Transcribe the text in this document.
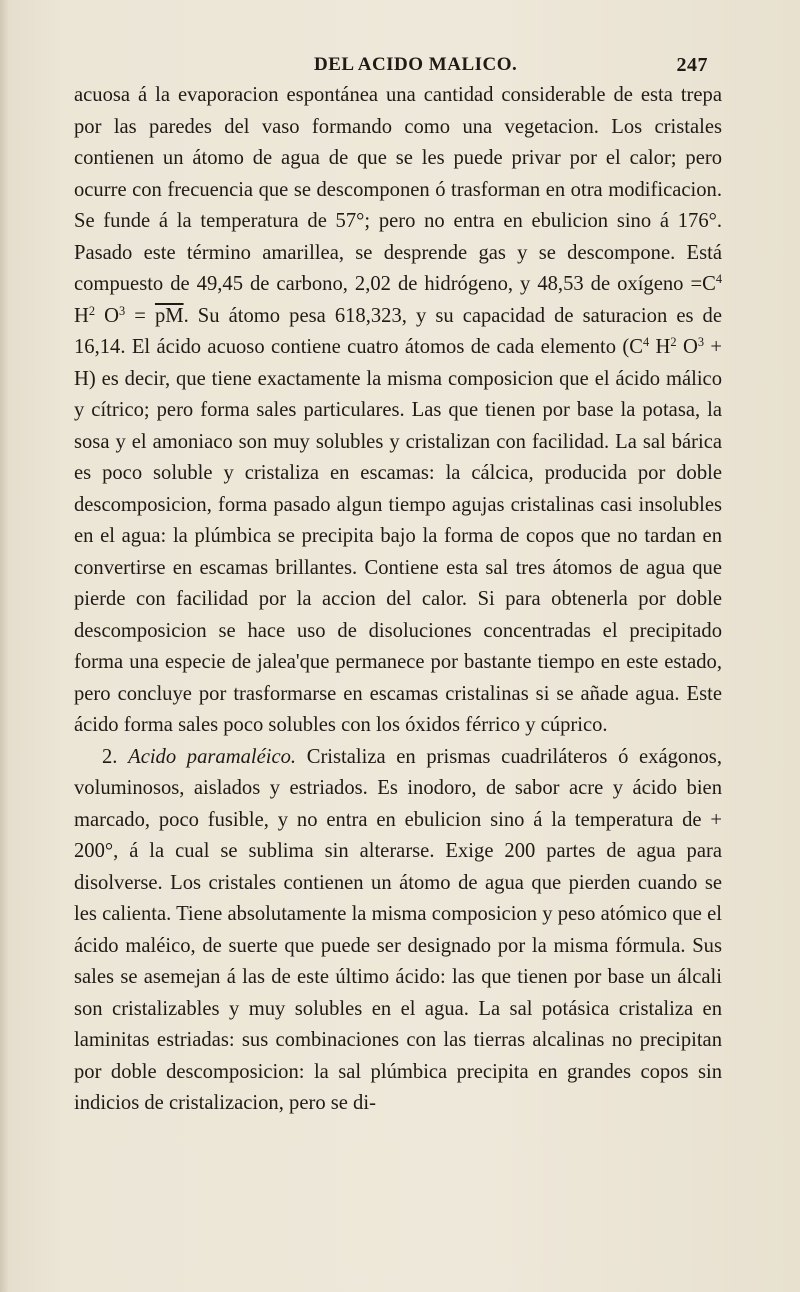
DEL ACIDO MALICO.	247

acuosa á la evaporacion espontánea una cantidad considerable de esta trepa por las paredes del vaso formando como una vegetacion. Los cristales contienen un átomo de agua de que se les puede privar por el calor; pero ocurre con frecuencia que se descomponen ó trasforman en otra modificacion. Se funde á la temperatura de 57°; pero no entra en ebulicion sino á 176°. Pasado este término amarillea, se desprende gas y se descompone. Está compuesto de 49,45 de carbono, 2,02 de hidrógeno, y 48,53 de oxígeno $=C^4$ $H^2$ $O^3 = \overline{pM}$. Su átomo pesa 618,323, y su capacidad de saturacion es de 16,14. El ácido acuoso contiene cuatro átomos de cada elemento ($C^4$ $H^2$ $O^3 + H$) es decir, que tiene exactamente la misma composicion que el ácido málico y cítrico; pero forma sales particulares. Las que tienen por base la potasa, la sosa y el amoniaco son muy solubles y cristalizan con facilidad. La sal bárica es poco soluble y cristaliza en escamas: la cálcica, producida por doble descomposicion, forma pasado algun tiempo agujas cristalinas casi insolubles en el agua: la plúmbica se precipita bajo la forma de copos que no tardan en convertirse en escamas brillantes. Contiene esta sal tres átomos de agua que pierde con facilidad por la accion del calor. Si para obtenerla por doble descomposicion se hace uso de disoluciones concentradas el precipitado forma una especie de jalea'que permanece por bastante tiempo en este estado, pero concluye por trasformarse en escamas cristalinas si se añade agua. Este ácido forma sales poco solubles con los óxidos férrico y cúprico.

2. Acido paramaléico. Cristaliza en prismas cuadriláteros ó exágonos, voluminosos, aislados y estriados. Es inodoro, de sabor acre y ácido bien marcado, poco fusible, y no entra en ebulicion sino á la temperatura de + 200°, á la cual se sublima sin alterarse. Exige 200 partes de agua para disolverse. Los cristales contienen un átomo de agua que pierden cuando se les calienta. Tiene absolutamente la misma composicion y peso atómico que el ácido maléico, de suerte que puede ser designado por la misma fórmula. Sus sales se asemejan á las de este último ácido: las que tienen por base un álcali son cristalizables y muy solubles en el agua. La sal potásica cristaliza en laminitas estriadas: sus combinaciones con las tierras alcalinas no precipitan por doble descomposicion: la sal plúmbica precipita en grandes copos sin indicios de cristalizacion, pero se di-
